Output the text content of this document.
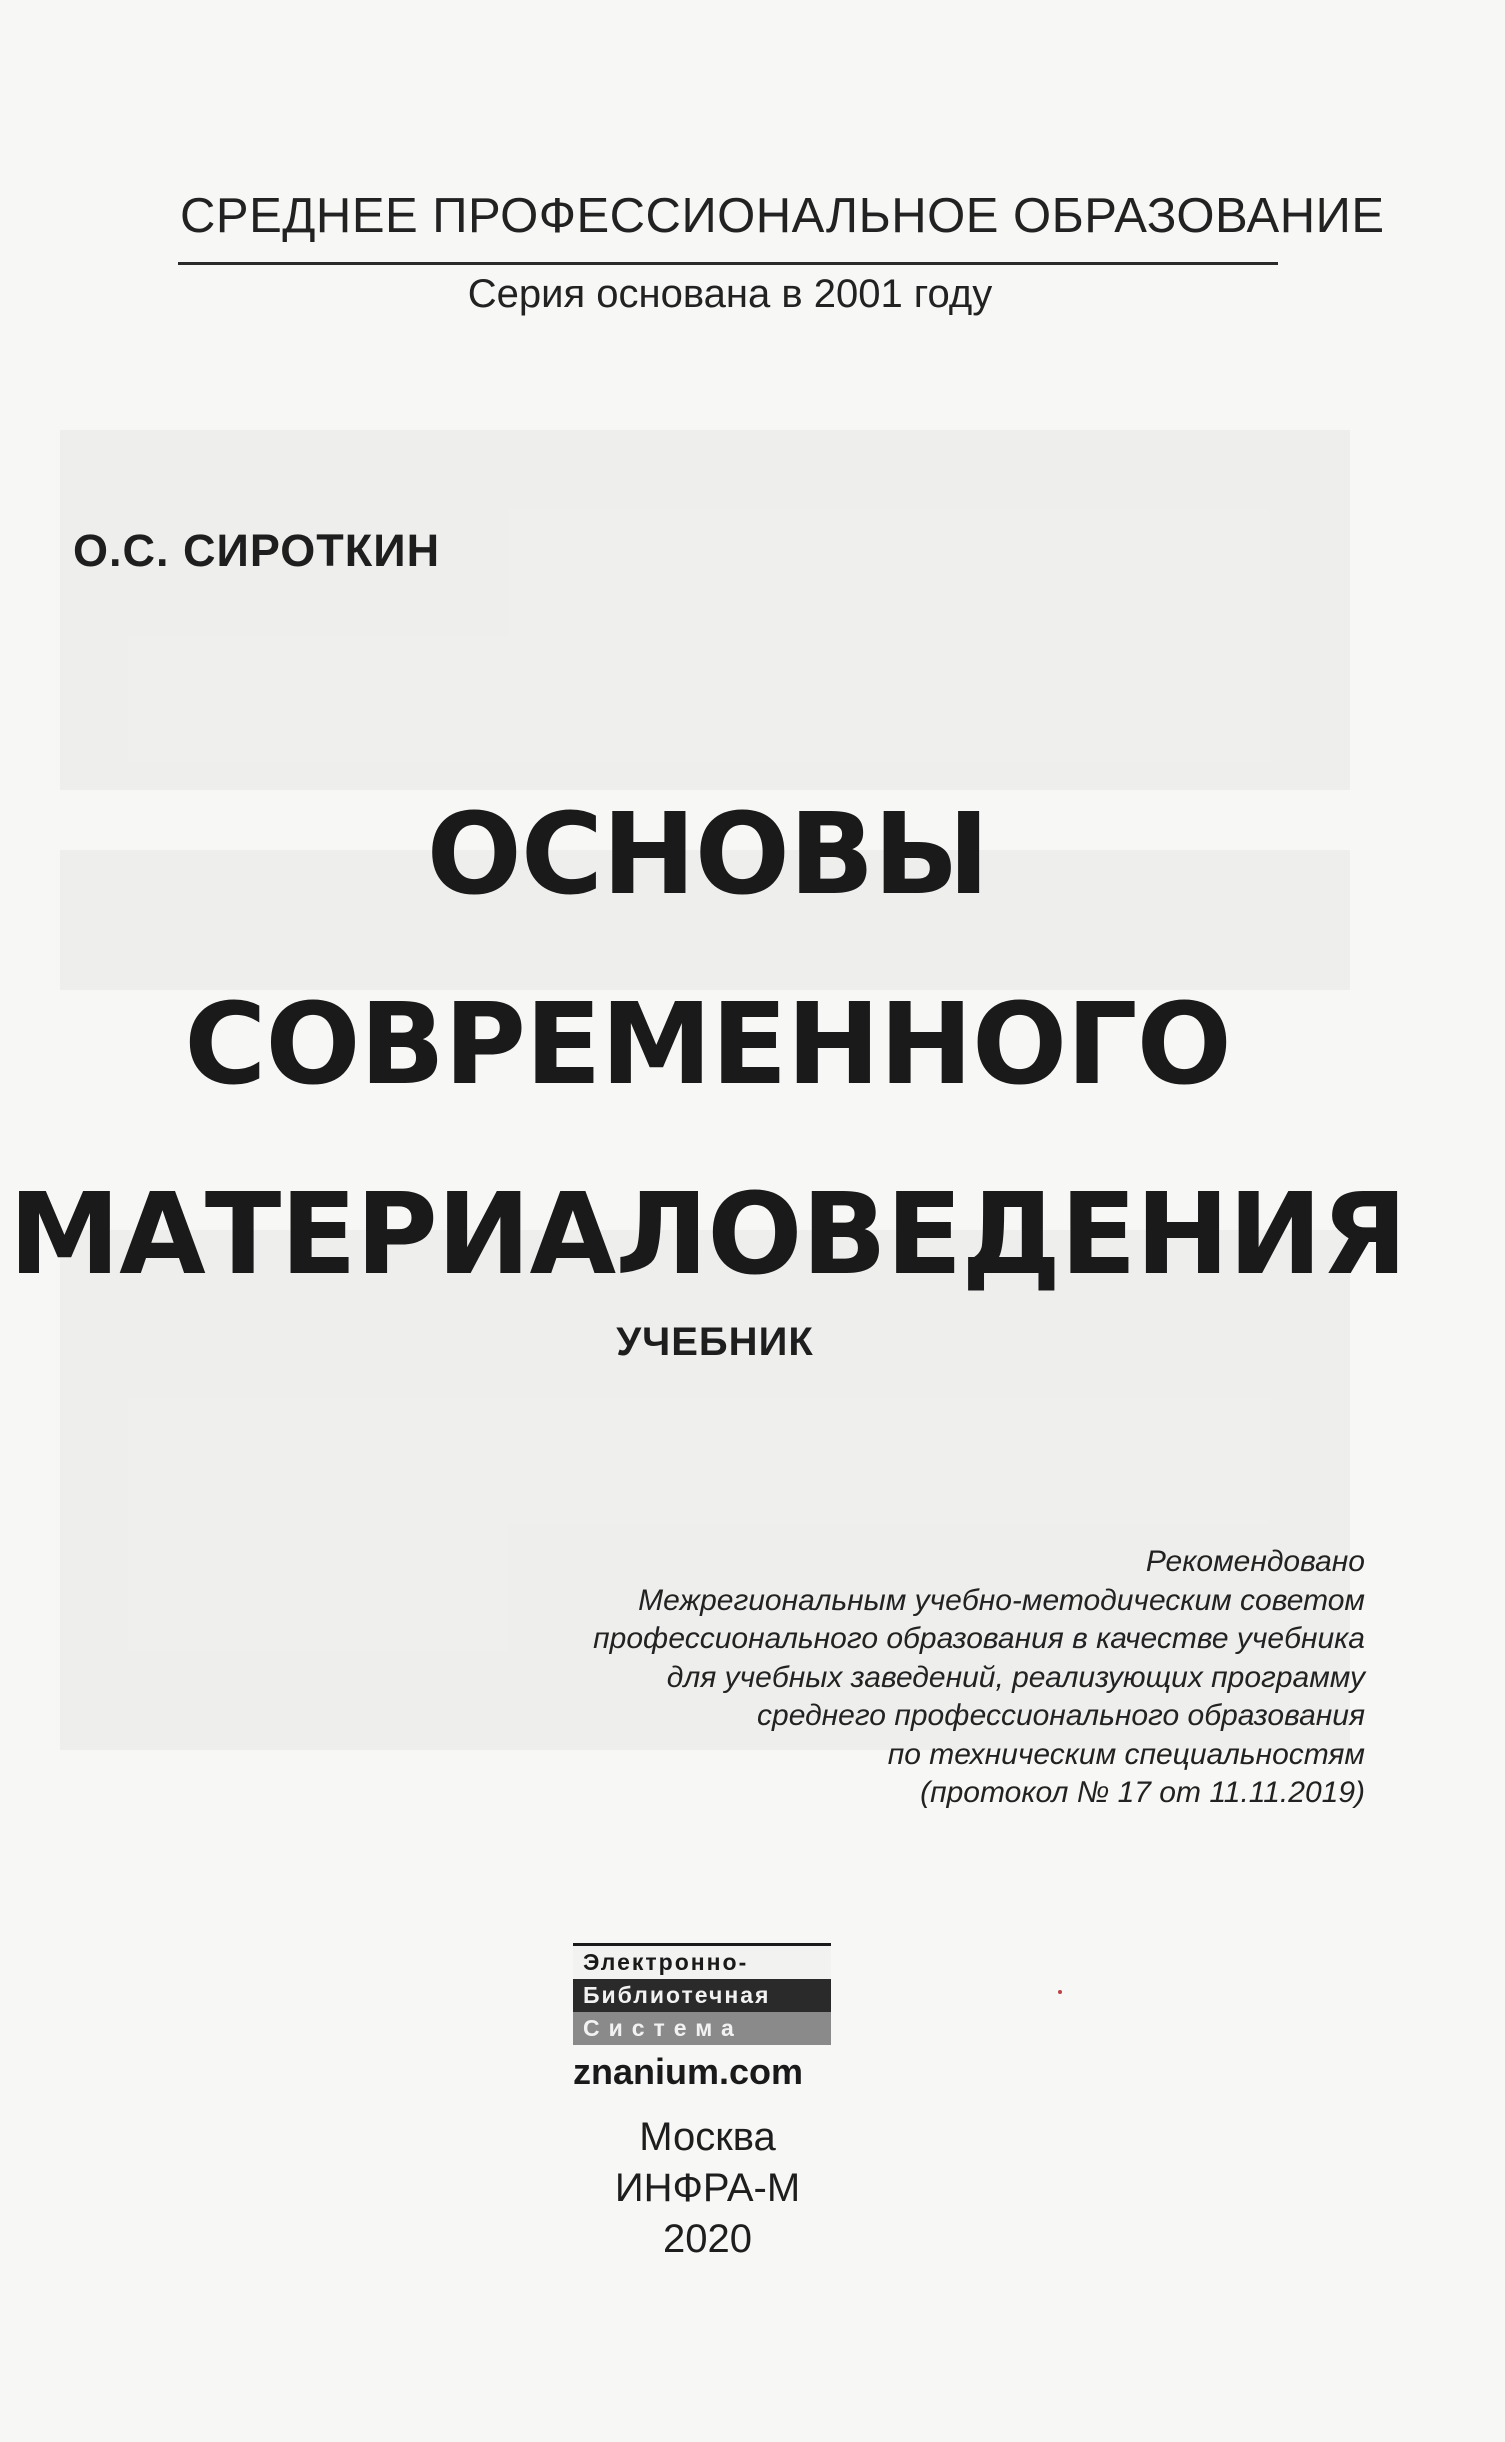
СРЕДНЕЕ ПРОФЕССИОНАЛЬНОЕ ОБРАЗОВАНИЕ
Серия основана в 2001 году
О.С. СИРОТКИН
ОСНОВЫ
СОВРЕМЕННОГО
МАТЕРИАЛОВЕДЕНИЯ
УЧЕБНИК
Рекомендовано
Межрегиональным учебно-методическим советом
профессионального образования в качестве учебника
для учебных заведений, реализующих программу
среднего профессионального образования
по техническим специальностям
(протокол № 17 от 11.11.2019)
Электронно-
Библиотечная
Система
znanium.com
Москва
ИНФРА-М
2020
